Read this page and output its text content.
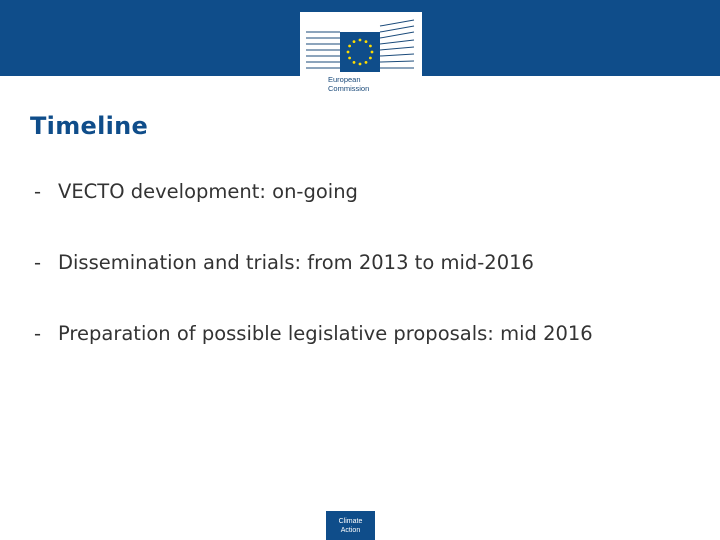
European
Commission
Timeline
- VECTO development: on-going
- Dissemination and trials: from 2013 to mid-2016
- Preparation of possible legislative proposals: mid 2016
Climate
Action
